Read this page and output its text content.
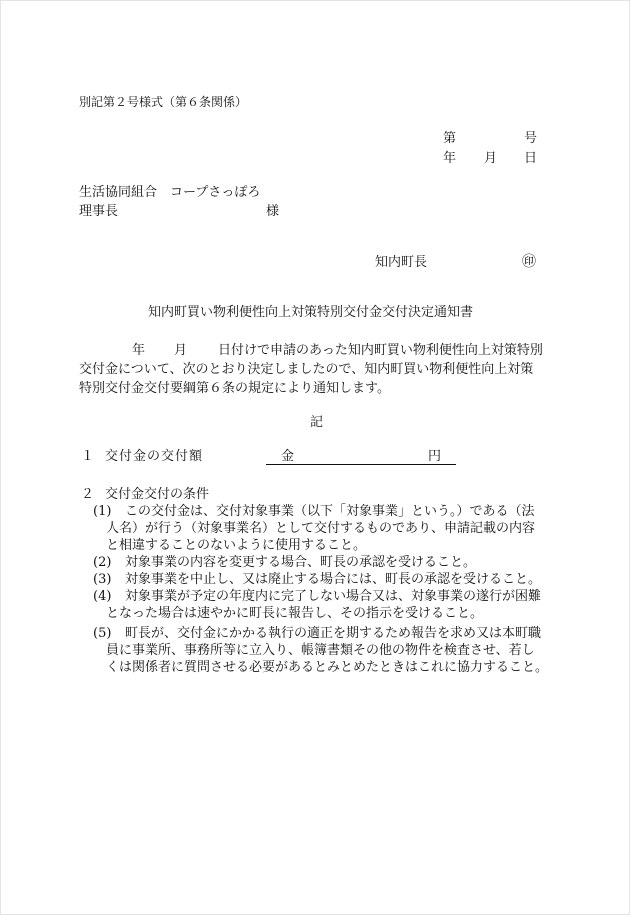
別記第２号様式（第６条関係）
第	号
年 月 日
生活協同組合　コープさっぽろ
理事長	様
知内町長	㊞
知内町買い物利便性向上対策特別交付金交付決定通知書
年 月 日付けで申請のあった知内町買い物利便性向上対策特別
交付金について、次のとおり決定しましたので、知内町買い物利便性向上対策
特別交付金交付要綱第６条の規定により通知します。
記
１ 交付金の交付額	金	円
２ 交付金交付の条件
(1) この交付金は、交付対象事業（以下「対象事業」という。）である（法
人名）が行う（対象事業名）として交付するものであり、申請記載の内容
と相違することのないように使用すること。
(2) 対象事業の内容を変更する場合、町長の承認を受けること。
(3) 対象事業を中止し、又は廃止する場合には、町長の承認を受けること。
(4) 対象事業が予定の年度内に完了しない場合又は、対象事業の遂行が困難
となった場合は速やかに町長に報告し、その指示を受けること。
(5) 町長が、交付金にかかる執行の適正を期するため報告を求め又は本町職
員に事業所、事務所等に立入り、帳簿書類その他の物件を検査させ、若し
くは関係者に質問させる必要があるとみとめたときはこれに協力すること。
